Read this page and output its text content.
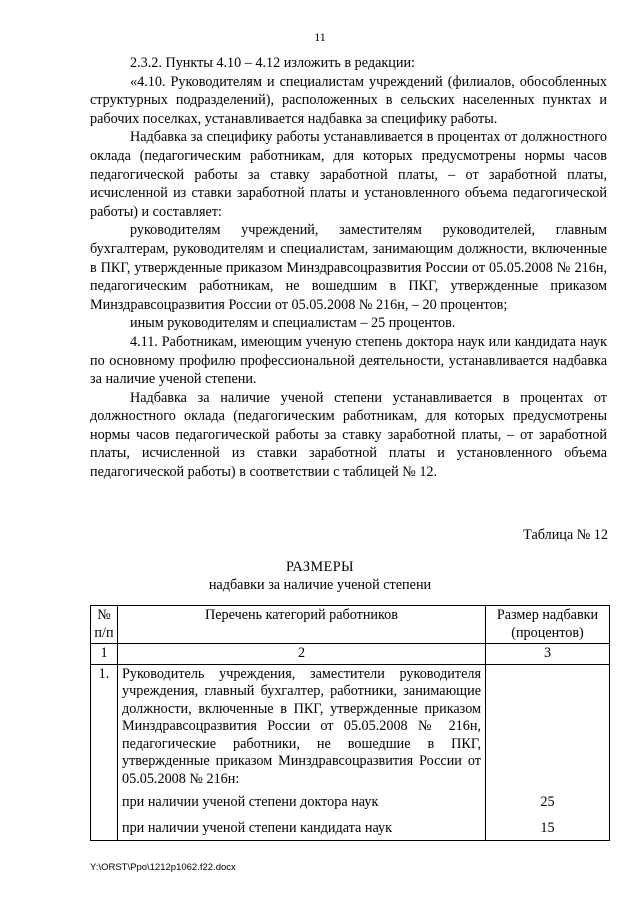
11

2.3.2. Пункты 4.10 – 4.12 изложить в редакции:

«4.10. Руководителям и специалистам учреждений (филиалов, обособленных структурных подразделений), расположенных в сельских населенных пунктах и рабочих поселках, устанавливается надбавка за специфику работы.

Надбавка за специфику работы устанавливается в процентах от должностного оклада (педагогическим работникам, для которых предусмотрены нормы часов педагогической работы за ставку заработной платы, – от заработной платы, исчисленной из ставки заработной платы и установленного объема педагогической работы) и составляет:

руководителям учреждений, заместителям руководителей, главным бухгалтерам, руководителям и специалистам, занимающим должности, включенные в ПКГ, утвержденные приказом Минздравсоцразвития России от 05.05.2008 № 216н, педагогическим работникам, не вошедшим в ПКГ, утвержденные приказом Минздравсоцразвития России от 05.05.2008 № 216н, – 20 процентов;

иным руководителям и специалистам – 25 процентов.

4.11. Работникам, имеющим ученую степень доктора наук или кандидата наук по основному профилю профессиональной деятельности, устанавливается надбавка за наличие ученой степени.

Надбавка за наличие ученой степени устанавливается в процентах от должностного оклада (педагогическим работникам, для которых предусмотрены нормы часов педагогической работы за ставку заработной платы, – от заработной платы, исчисленной из ставки заработной платы и установленного объема педагогической работы) в соответствии с таблицей № 12.

Таблица № 12
РАЗМЕРЫ
надбавки за наличие ученой степени
№ п/п	Перечень категорий работников	Размер надбавки (процентов)
1	2	3
1.	Руководитель учреждения, заместители руководителя учреждения, главный бухгалтер, работники, занимающие должности, включенные в ПКГ, утвержденные приказом Минздравсоцразвития России от 05.05.2008 № 216н, педагогические работники, не вошедшие в ПКГ, утвержденные приказом Минздравсоцразвития России от 05.05.2008 № 216н:	
	при наличии ученой степени доктора наук	25
	при наличии ученой степени кандидата наук	15
Y:\ORST\Ppo\1212p1062.f22.docx
